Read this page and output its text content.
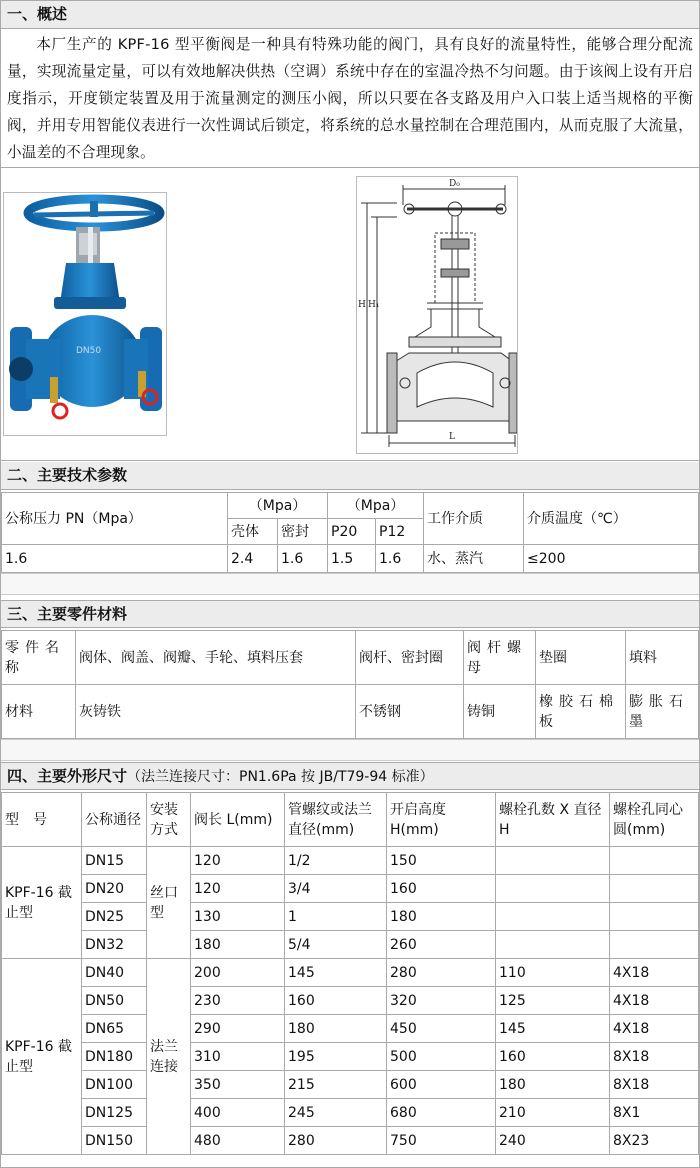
一、概述
本厂生产的 KPF-16 型平衡阀是一种具有特殊功能的阀门，具有良好的流量特性，能够合理分配流量，实现流量定量，可以有效地解决供热（空调）系统中存在的室温冷热不匀问题。由于该阀上设有开启度指示，开度锁定装置及用于流量测定的测压小阀，所以只要在各支路及用户入口装上适当规格的平衡阀，并用专用智能仪表进行一次性调试后锁定，将系统的总水量控制在合理范围内，从而克服了大流量，小温差的不合理现象。
DN50
D₀
H H₁
L
二、主要技术参数
公称压力 PN（Mpa）	（Mpa）		（Mpa）		工作介质	介质温度（℃）
	壳体	密封	P20	P12		
1.6	2.4	1.6	1.5	1.6	水、蒸汽	≤200
三、主要零件材料
零件名称	阀体、阀盖、阀瓣、手轮、填料压套	阀杆、密封圈	阀杆螺母	垫圈	填料
材料	灰铸铁	不锈钢	铸铜	橡胶石棉板	膨胀石墨
四、主要外形尺寸（法兰连接尺寸：PN1.6Pa 按 JB/T79-94 标准）
型　号	公称通径	安装方式	阀长 L(mm)	管螺纹或法兰直径(mm)	开启高度 H(mm)	螺栓孔数 X 直径 H	螺栓孔同心圆(mm)
KPF-16 截止型	DN15	丝口型	120	1/2	150		
	DN20		120	3/4	160		
	DN25		130	1	180		
	DN32		180	5/4	260		
KPF-16 截止型	DN40	法兰连接	200	145	280	110	4X18
	DN50		230	160	320	125	4X18
	DN65		290	180	450	145	4X18
	DN180		310	195	500	160	8X18
	DN100		350	215	600	180	8X18
	DN125		400	245	680	210	8X1
	DN150		480	280	750	240	8X23
